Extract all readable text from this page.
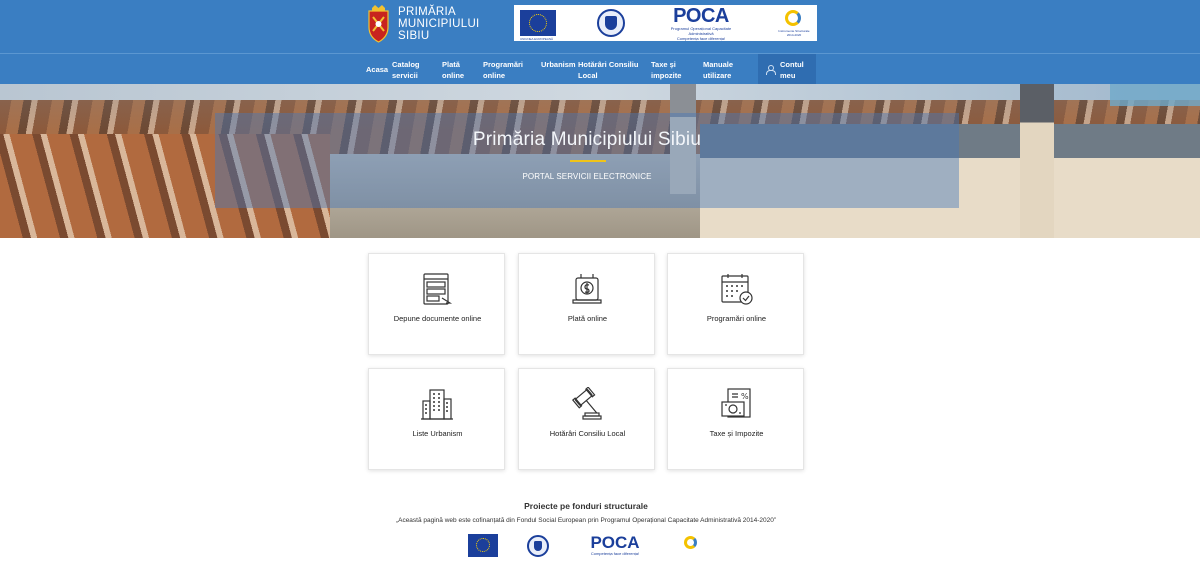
PRIMĂRIA
MUNICIPIULUI
SIBIU	UNIUNEA EUROPEANĂ
POCA
Programul Operațional Capacitate Administrativă
Competența face diferența!
Instrumente Structurale 2014-2020
Acasa
Catalog
servicii
Plată
online
Programări
online
Urbanism Hotărâri Consiliu
Local
Taxe și
impozite
Manuale
utilizare
Contul
meu
Primăria Municipiului Sibiu
PORTAL SERVICII ELECTRONICE
Depune documente online	Plată online	Programări online
Liste Urbanism	Hotărâri Consiliu Local
%
Taxe și Impozite
Proiecte pe fonduri structurale
„Această pagină web este cofinanțată din Fondul Social European prin Programul Operațional Capacitate Administrativă 2014-2020”
POCA
Competența face diferența!
